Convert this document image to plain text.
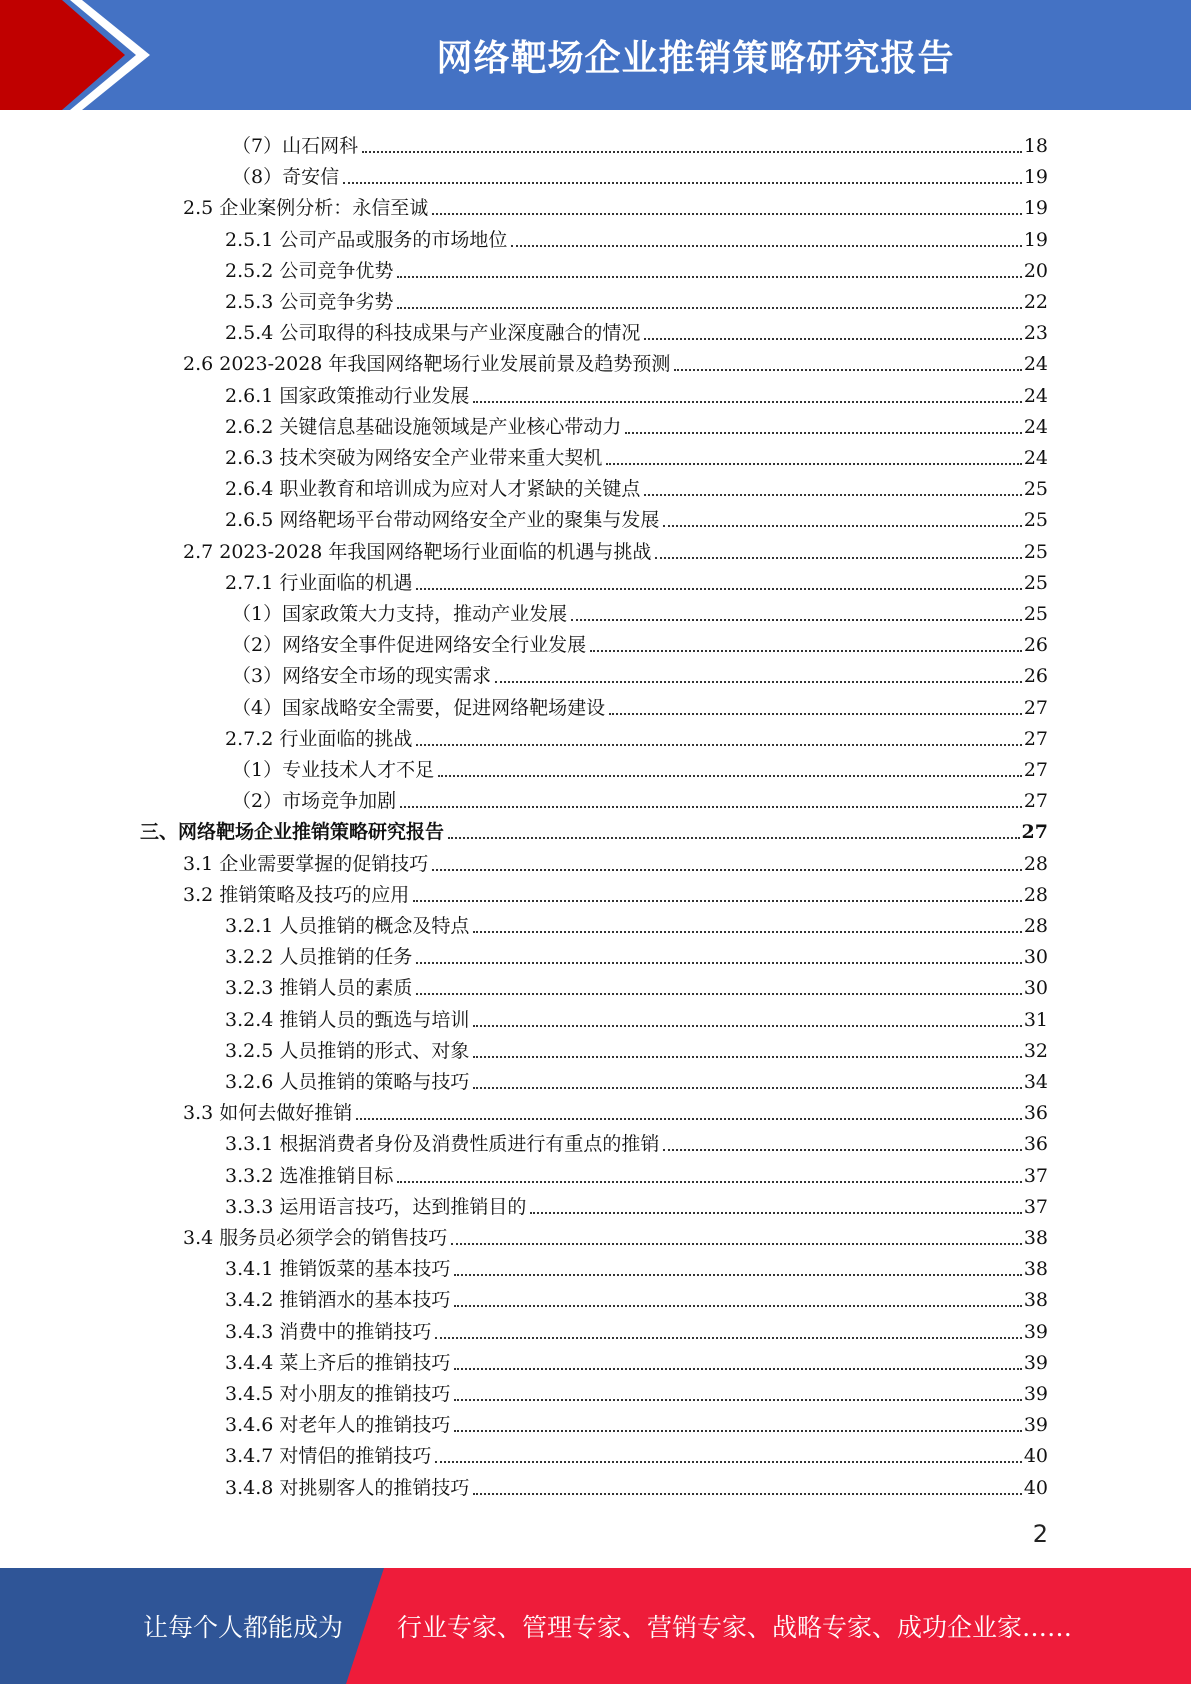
网络靶场企业推销策略研究报告
（7）山石网科	18
（8）奇安信	19
2.5 企业案例分析：永信至诚	19
2.5.1 公司产品或服务的市场地位	19
2.5.2 公司竞争优势	20
2.5.3 公司竞争劣势	22
2.5.4 公司取得的科技成果与产业深度融合的情况	23
2.6 2023-2028 年我国网络靶场行业发展前景及趋势预测	24
2.6.1 国家政策推动行业发展	24
2.6.2 关键信息基础设施领域是产业核心带动力	24
2.6.3 技术突破为网络安全产业带来重大契机	24
2.6.4 职业教育和培训成为应对人才紧缺的关键点	25
2.6.5 网络靶场平台带动网络安全产业的聚集与发展	25
2.7 2023-2028 年我国网络靶场行业面临的机遇与挑战	25
2.7.1 行业面临的机遇	25
（1）国家政策大力支持，推动产业发展	25
（2）网络安全事件促进网络安全行业发展	26
（3）网络安全市场的现实需求	26
（4）国家战略安全需要，促进网络靶场建设	27
2.7.2 行业面临的挑战	27
（1）专业技术人才不足	27
（2）市场竞争加剧	27
三、网络靶场企业推销策略研究报告	27
3.1 企业需要掌握的促销技巧	28
3.2 推销策略及技巧的应用	28
3.2.1 人员推销的概念及特点	28
3.2.2 人员推销的任务	30
3.2.3 推销人员的素质	30
3.2.4 推销人员的甄选与培训	31
3.2.5 人员推销的形式、对象	32
3.2.6 人员推销的策略与技巧	34
3.3 如何去做好推销	36
3.3.1 根据消费者身份及消费性质进行有重点的推销	36
3.3.2 选准推销目标	37
3.3.3 运用语言技巧，达到推销目的	37
3.4 服务员必须学会的销售技巧	38
3.4.1 推销饭菜的基本技巧	38
3.4.2 推销酒水的基本技巧	38
3.4.3 消费中的推销技巧	39
3.4.4 菜上齐后的推销技巧	39
3.4.5 对小朋友的推销技巧	39
3.4.6 对老年人的推销技巧	39
3.4.7 对情侣的推销技巧	40
3.4.8 对挑剔客人的推销技巧	40
2
让每个人都能成为 行业专家、管理专家、营销专家、战略专家、成功企业家……
